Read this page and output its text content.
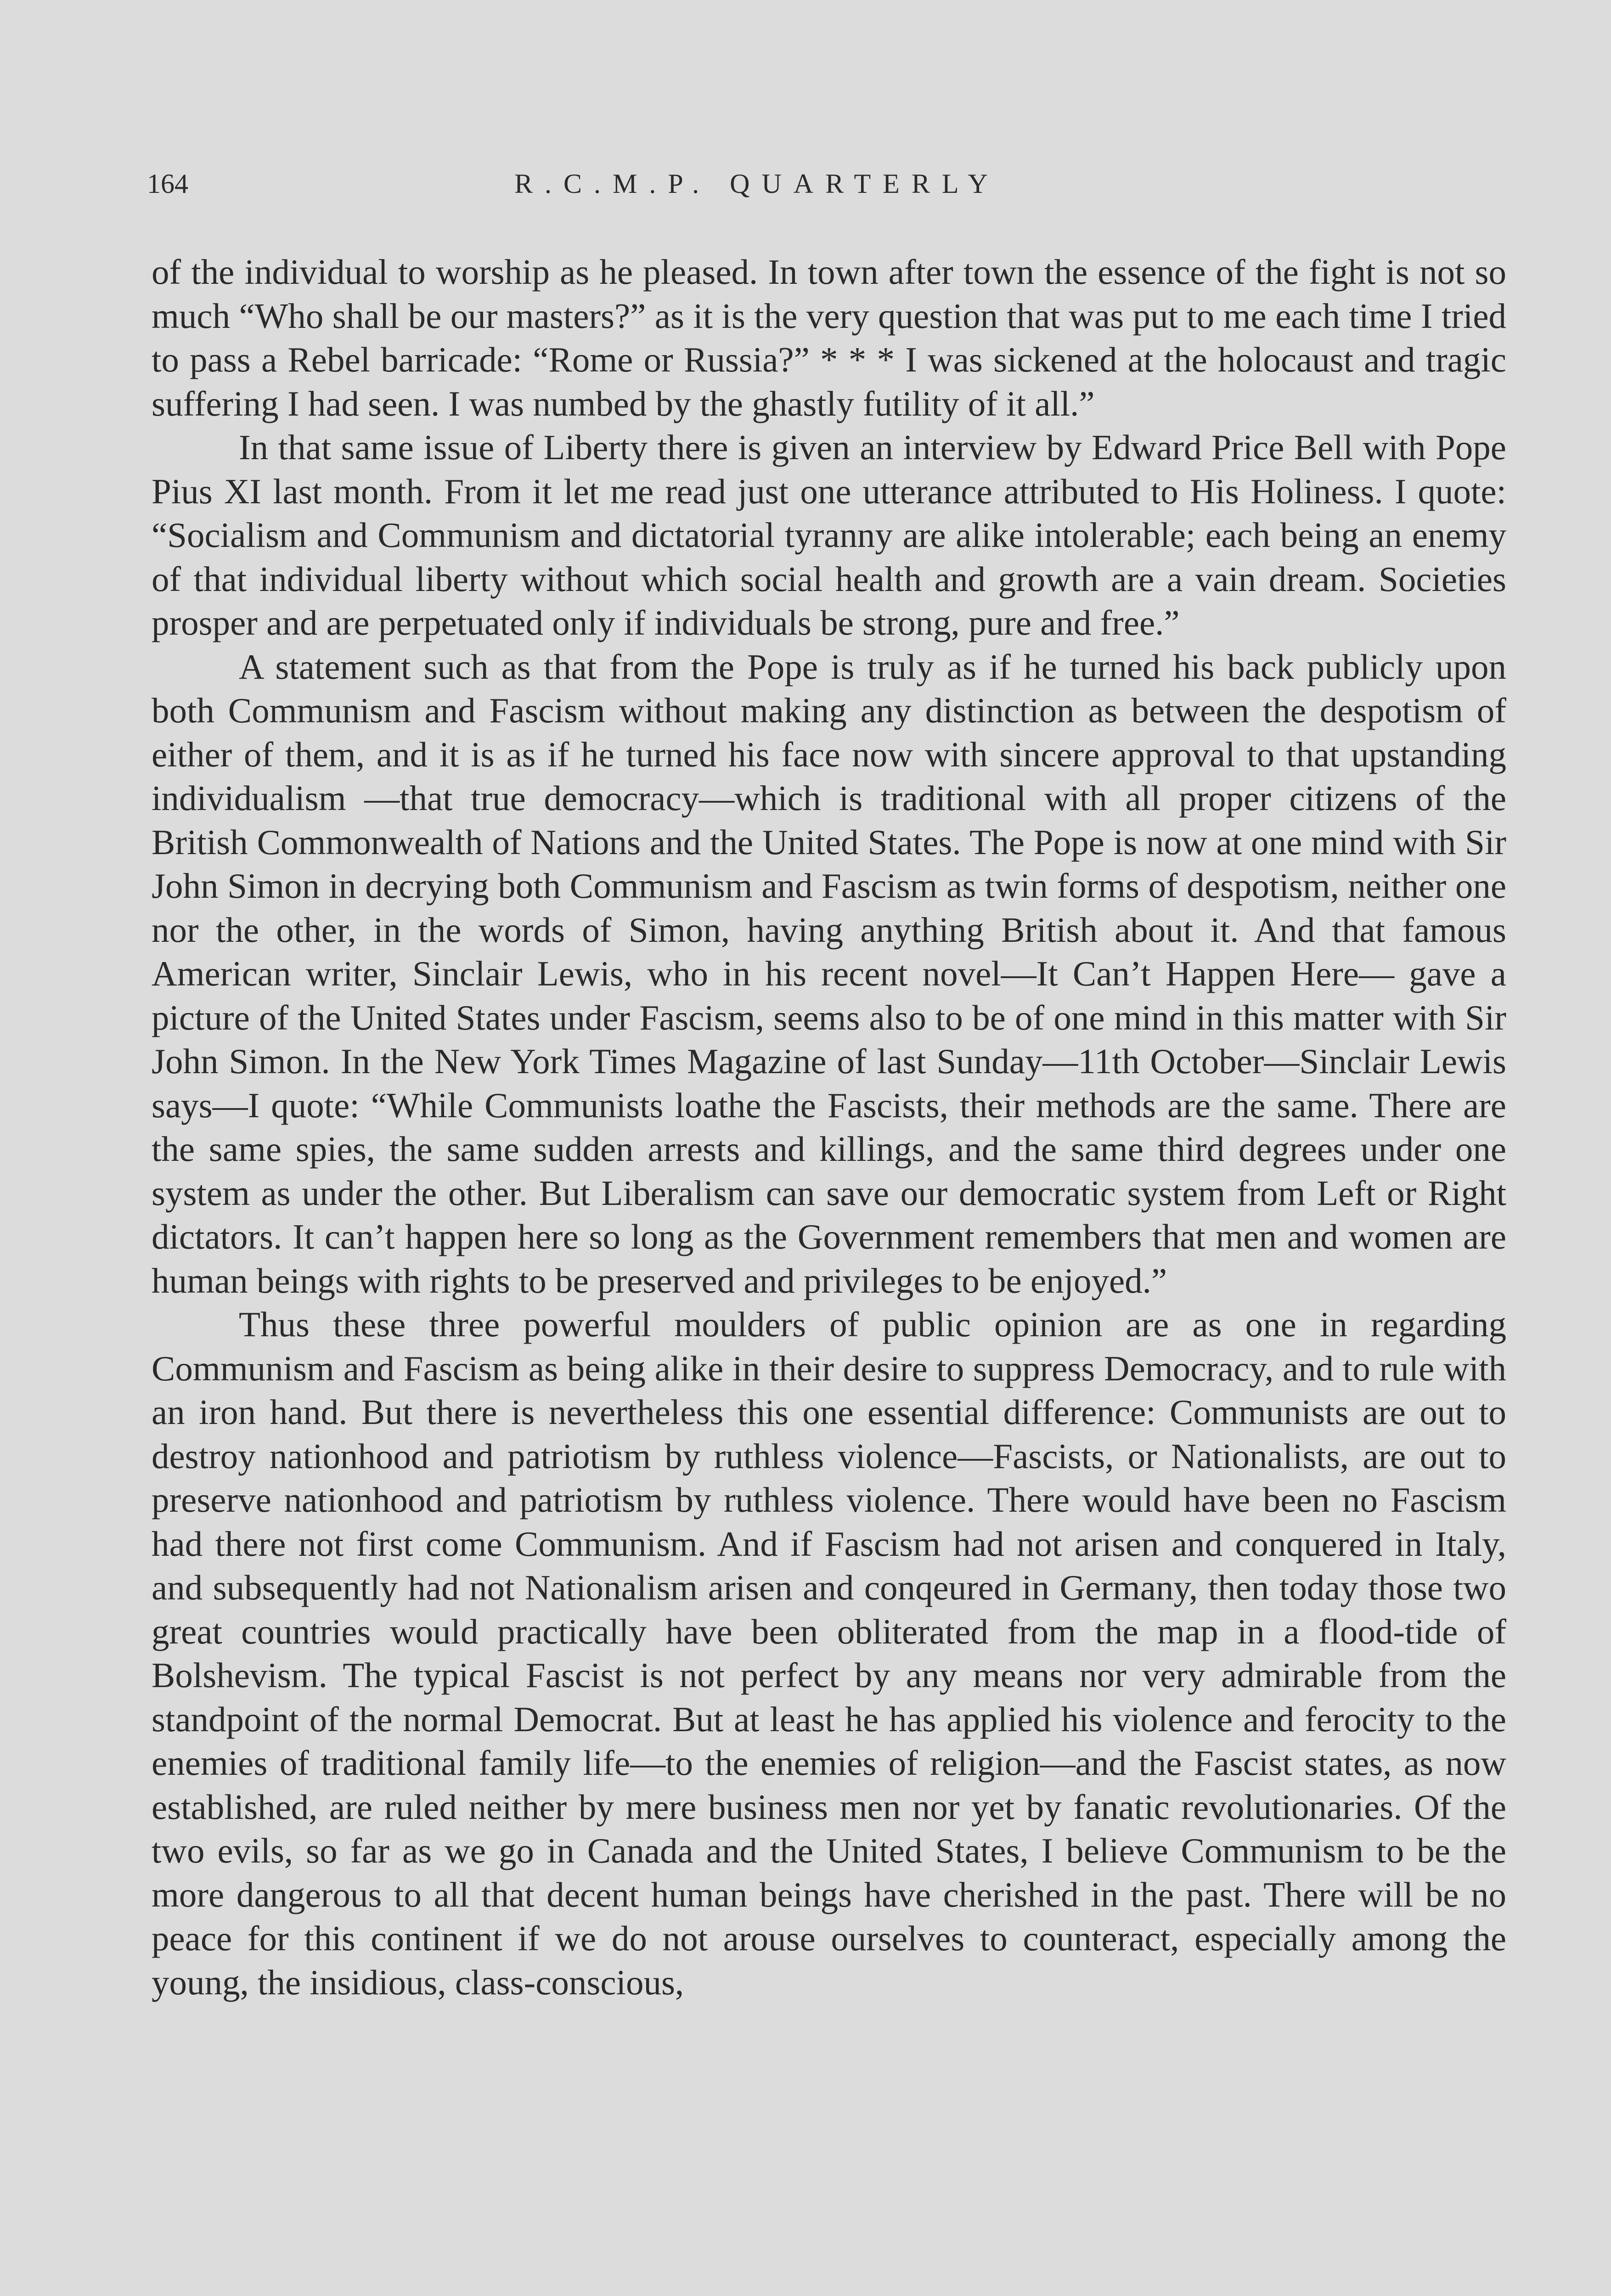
164	R.C.M.P. QUARTERLY

of the individual to worship as he pleased. In town after town the essence of the fight is not so much “Who shall be our masters?” as it is the very question that was put to me each time I tried to pass a Rebel barricade: “Rome or Russia?” * * * I was sickened at the holocaust and tragic suffering I had seen. I was numbed by the ghastly futility of it all.”

In that same issue of Liberty there is given an interview by Edward Price Bell with Pope Pius XI last month. From it let me read just one utterance attributed to His Holiness. I quote: “Socialism and Communism and dictatorial tyranny are alike intolerable; each being an enemy of that individual liberty without which social health and growth are a vain dream. Societies prosper and are perpetuated only if individuals be strong, pure and free.”

A statement such as that from the Pope is truly as if he turned his back publicly upon both Communism and Fascism without making any distinction as between the despotism of either of them, and it is as if he turned his face now with sincere approval to that upstanding individualism —that true democracy—which is traditional with all proper citizens of the British Commonwealth of Nations and the United States. The Pope is now at one mind with Sir John Simon in decrying both Communism and Fascism as twin forms of despotism, neither one nor the other, in the words of Simon, having anything British about it. And that famous American writer, Sinclair Lewis, who in his recent novel—It Can’t Happen Here— gave a picture of the United States under Fascism, seems also to be of one mind in this matter with Sir John Simon. In the New York Times Magazine of last Sunday—11th October—Sinclair Lewis says—I quote: “While Communists loathe the Fascists, their methods are the same. There are the same spies, the same sudden arrests and killings, and the same third degrees under one system as under the other. But Liberalism can save our democratic system from Left or Right dictators. It can’t happen here so long as the Government remembers that men and women are human beings with rights to be preserved and privileges to be enjoyed.”

Thus these three powerful moulders of public opinion are as one in regarding Communism and Fascism as being alike in their desire to suppress Democracy, and to rule with an iron hand. But there is nevertheless this one essential difference: Communists are out to destroy nationhood and patriotism by ruthless violence—Fascists, or Nationalists, are out to preserve nationhood and patriotism by ruthless violence. There would have been no Fascism had there not first come Communism. And if Fascism had not arisen and conquered in Italy, and subsequently had not Nationalism arisen and conqeured in Germany, then today those two great countries would practically have been obliterated from the map in a flood-tide of Bolshevism. The typical Fascist is not perfect by any means nor very admirable from the standpoint of the normal Democrat. But at least he has applied his violence and ferocity to the enemies of traditional family life—to the enemies of religion—and the Fascist states, as now established, are ruled neither by mere business men nor yet by fanatic revolutionaries. Of the two evils, so far as we go in Canada and the United States, I believe Communism to be the more dangerous to all that decent human beings have cherished in the past. There will be no peace for this continent if we do not arouse ourselves to counteract, especially among the young, the insidious, class-conscious,
